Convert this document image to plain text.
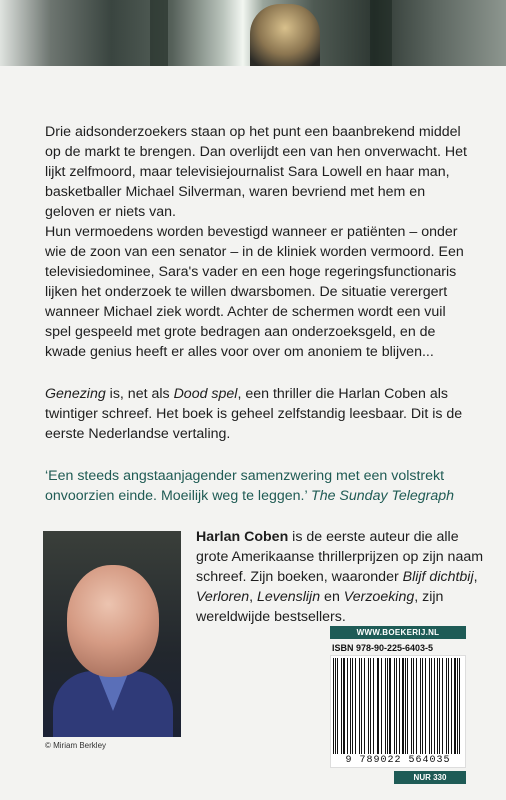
Drie aidsonderzoekers staan op het punt een baanbrekend middel op de markt te brengen. Dan overlijdt een van hen onverwacht. Het lijkt zelfmoord, maar televisiejournalist Sara Lowell en haar man, basketballer Michael Silverman, waren bevriend met hem en geloven er niets van.

Hun vermoedens worden bevestigd wanneer er patiënten – onder wie de zoon van een senator – in de kliniek worden vermoord. Een televisiedominee, Sara's vader en een hoge regeringsfunctionaris lijken het onderzoek te willen dwarsbomen. De situatie verergert wanneer Michael ziek wordt. Achter de schermen wordt een vuil spel gespeeld met grote bedragen aan onderzoeksgeld, en de kwade genius heeft er alles voor over om anoniem te blijven...

Genezing is, net als Dood spel, een thriller die Harlan Coben als twintiger schreef. Het boek is geheel zelfstandig leesbaar. Dit is de eerste Nederlandse vertaling.

‘Een steeds angstaanjagender samenzwering met een volstrekt onvoorzien einde. Moeilijk weg te leggen.’ The Sunday Telegraph

© Miriam Berkley

Harlan Coben is de eerste auteur die alle grote Amerikaanse thrillerprijzen op zijn naam schreef. Zijn boeken, waaronder Blijf dichtbij, Verloren, Levenslijn en Verzoeking, zijn wereldwijde bestsellers.

WWW.BOEKERIJ.NL
ISBN 978-90-225-6403-5
9 789022 564035
NUR 330
